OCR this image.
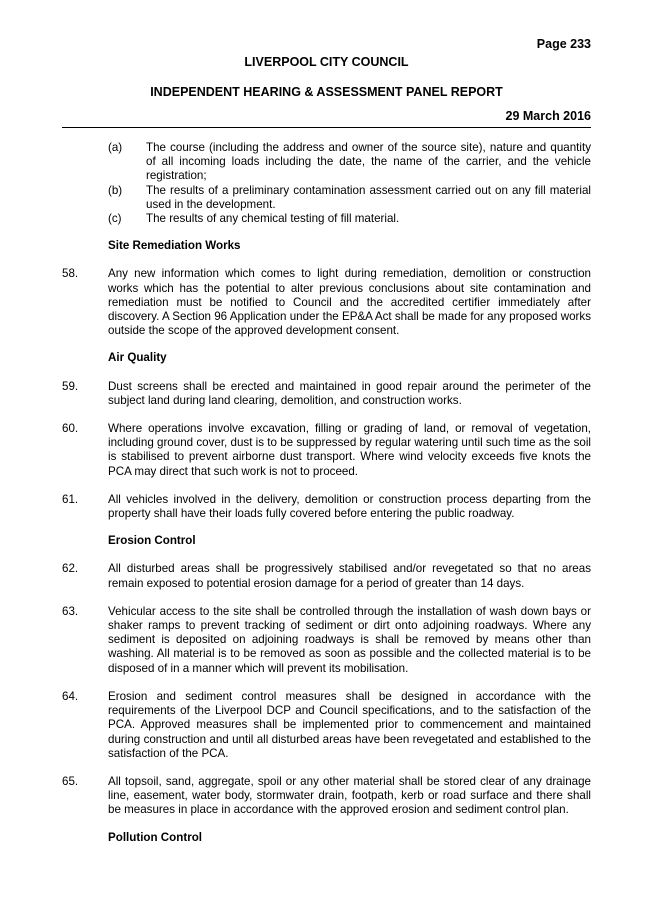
Page 233
LIVERPOOL CITY COUNCIL
INDEPENDENT HEARING & ASSESSMENT PANEL REPORT
29 March 2016
(a) The course (including the address and owner of the source site), nature and quantity of all incoming loads including the date, the name of the carrier, and the vehicle registration;
(b) The results of a preliminary contamination assessment carried out on any fill material used in the development.
(c) The results of any chemical testing of fill material.
Site Remediation Works
58.	Any new information which comes to light during remediation, demolition or construction works which has the potential to alter previous conclusions about site contamination and remediation must be notified to Council and the accredited certifier immediately after discovery. A Section 96 Application under the EP&A Act shall be made for any proposed works outside the scope of the approved development consent.
Air Quality
59.	Dust screens shall be erected and maintained in good repair around the perimeter of the subject land during land clearing, demolition, and construction works.
60.	Where operations involve excavation, filling or grading of land, or removal of vegetation, including ground cover, dust is to be suppressed by regular watering until such time as the soil is stabilised to prevent airborne dust transport. Where wind velocity exceeds five knots the PCA may direct that such work is not to proceed.
61.	All vehicles involved in the delivery, demolition or construction process departing from the property shall have their loads fully covered before entering the public roadway.
Erosion Control
62.	All disturbed areas shall be progressively stabilised and/or revegetated so that no areas remain exposed to potential erosion damage for a period of greater than 14 days.
63.	Vehicular access to the site shall be controlled through the installation of wash down bays or shaker ramps to prevent tracking of sediment or dirt onto adjoining roadways. Where any sediment is deposited on adjoining roadways is shall be removed by means other than washing. All material is to be removed as soon as possible and the collected material is to be disposed of in a manner which will prevent its mobilisation.
64.	Erosion and sediment control measures shall be designed in accordance with the requirements of the Liverpool DCP and Council specifications, and to the satisfaction of the PCA. Approved measures shall be implemented prior to commencement and maintained during construction and until all disturbed areas have been revegetated and established to the satisfaction of the PCA.
65.	All topsoil, sand, aggregate, spoil or any other material shall be stored clear of any drainage line, easement, water body, stormwater drain, footpath, kerb or road surface and there shall be measures in place in accordance with the approved erosion and sediment control plan.
Pollution Control
